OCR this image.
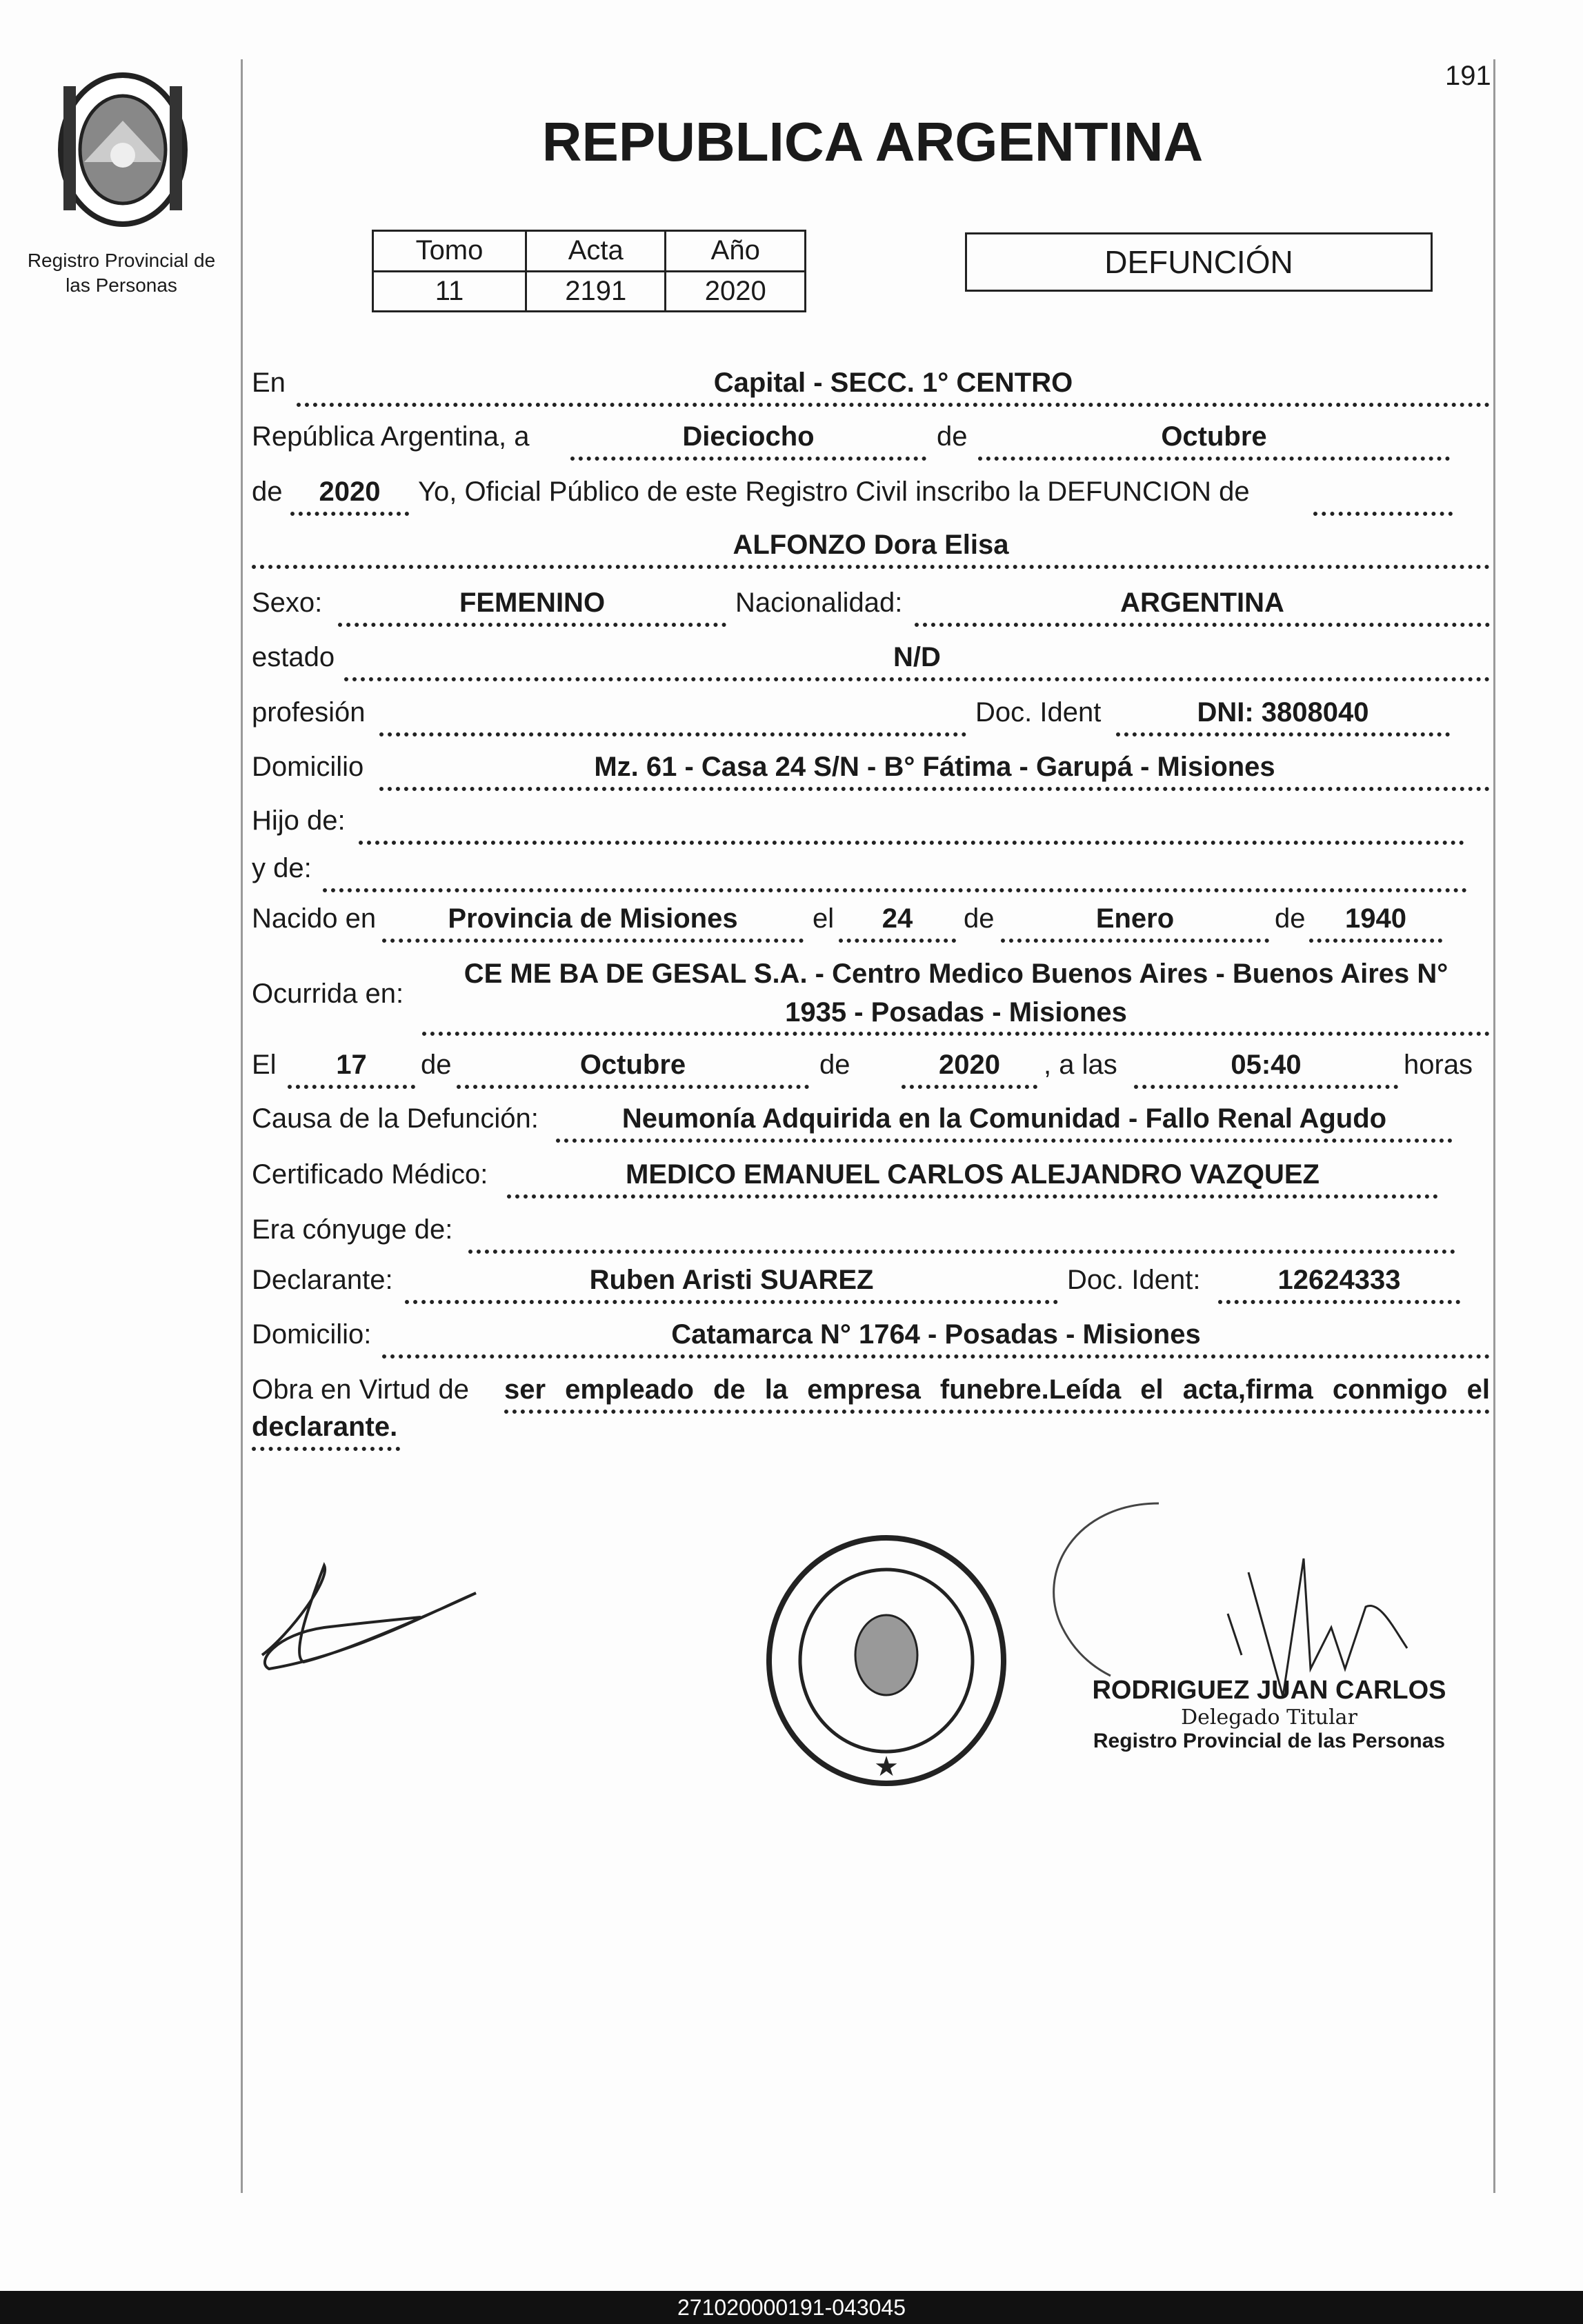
191
Registro Provincial de
las Personas
REPUBLICA ARGENTINA
Tomo	Acta	Año
11	2191	2020
DEFUNCIÓN
En	Capital - SECC. 1° CENTRO
República Argentina, a	Dieciocho	de	Octubre
de	2020	Yo, Oficial Público de este Registro Civil inscribo la DEFUNCION de
ALFONZO Dora Elisa
Sexo:	FEMENINO	Nacionalidad:	ARGENTINA
estado	N/D
profesión	Doc. Ident	DNI: 3808040
Domicilio	Mz. 61 - Casa 24 S/N - B° Fátima - Garupá - Misiones
Hijo de:
y de:
Nacido en	Provincia de Misiones	el	24	de	Enero	de	1940
Ocurrida en:
CE ME BA DE GESAL S.A. - Centro Medico Buenos Aires - Buenos Aires N°
1935 - Posadas - Misiones
El	17	de	Octubre	de	2020	, a las	05:40	horas
Causa de la Defunción:	Neumonía Adquirida en la Comunidad - Fallo Renal Agudo
Certificado Médico:	MEDICO EMANUEL CARLOS ALEJANDRO VAZQUEZ
Era cónyuge de:
Declarante:	Ruben Aristi SUAREZ	Doc. Ident:	12624333
Domicilio:	Catamarca N° 1764 - Posadas - Misiones
Obra en Virtud de ser empleado de la empresa funebre.Leída el acta,firma conmigo el
declarante.
★
RODRIGUEZ JUAN CARLOS
Delegado Titular
Registro Provincial de las Personas
271020000191-043045
